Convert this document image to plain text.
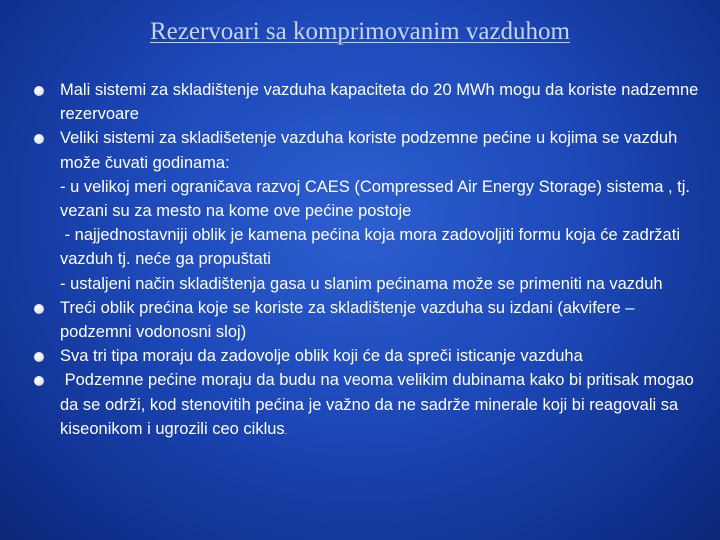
Rezervoari sa komprimovanim vazduhom
Mali sistemi za skladištenje vazduha kapaciteta do 20 MWh mogu da koriste nadzemne rezervoare
Veliki sistemi za skladišetenje vazduha koriste podzemne pećine u kojima se vazduh može čuvati godinama:
- u velikoj meri ograničava razvoj CAES (Compressed Air Energy Storage) sistema , tj. vezani su za mesto na kome ove pećine postoje
- najjednostavniji oblik je kamena pećina koja mora zadovoljiti formu koja će zadržati vazduh tj. neće ga propuštati
- ustaljeni način skladištenja gasa u slanim pećinama može se primeniti na vazduh
Treći oblik prećina koje se koriste za skladištenje vazduha su izdani (akvifere – podzemni vodonosni sloj)
Sva tri tipa moraju da zadovolje oblik koji će da spreči isticanje vazduha
Podzemne pećine moraju da budu na veoma velikim dubinama kako bi pritisak mogao da se održi, kod stenovitih pećina je važno da ne sadrže minerale koji bi reagovali sa kiseonikom i ugrozili ceo ciklus.
